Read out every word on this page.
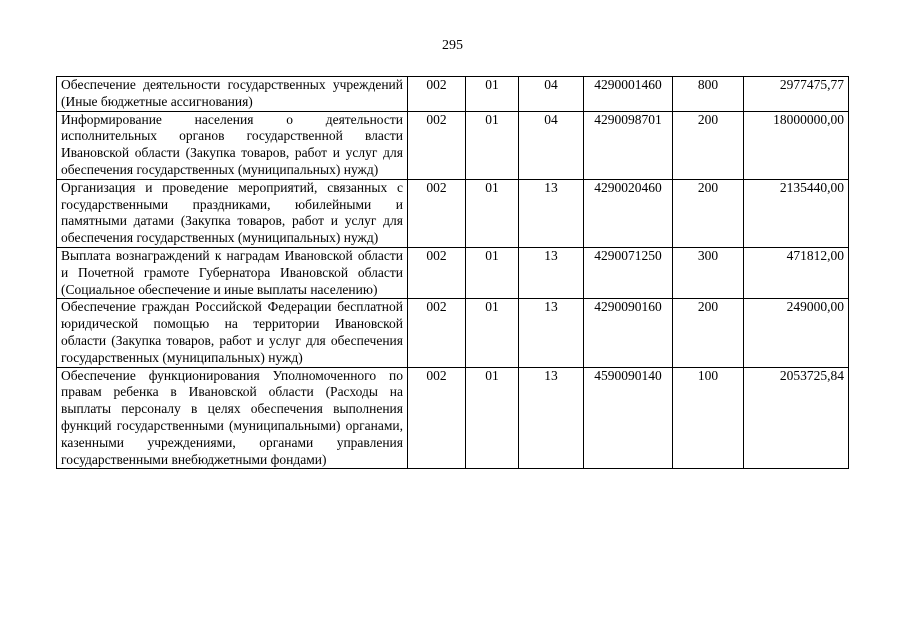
295
Обеспечение деятельности государственных учреждений (Иные бюджетные ассигнования)	002	01	04	4290001460	800	2977475,77
Информирование населения о деятельности исполнительных органов государственной власти Ивановской области (Закупка товаров, работ и услуг для обеспечения государственных (муниципальных) нужд)	002	01	04	4290098701	200	18000000,00
Организация и проведение мероприятий, связанных с государственными праздниками, юбилейными и памятными датами (Закупка товаров, работ и услуг для обеспечения государственных (муниципальных) нужд)	002	01	13	4290020460	200	2135440,00
Выплата вознаграждений к наградам Ивановской области и Почетной грамоте Губернатора Ивановской области (Социальное обеспечение и иные выплаты населению)	002	01	13	4290071250	300	471812,00
Обеспечение граждан Российской Федерации бесплатной юридической помощью на территории Ивановской области (Закупка товаров, работ и услуг для обеспечения государственных (муниципальных) нужд)	002	01	13	4290090160	200	249000,00
Обеспечение функционирования Уполномоченного по правам ребенка в Ивановской области (Расходы на выплаты персоналу в целях обеспечения выполнения функций государственными (муниципальными) органами, казенными учреждениями, органами управления государственными внебюджетными фондами)	002	01	13	4590090140	100	2053725,84
